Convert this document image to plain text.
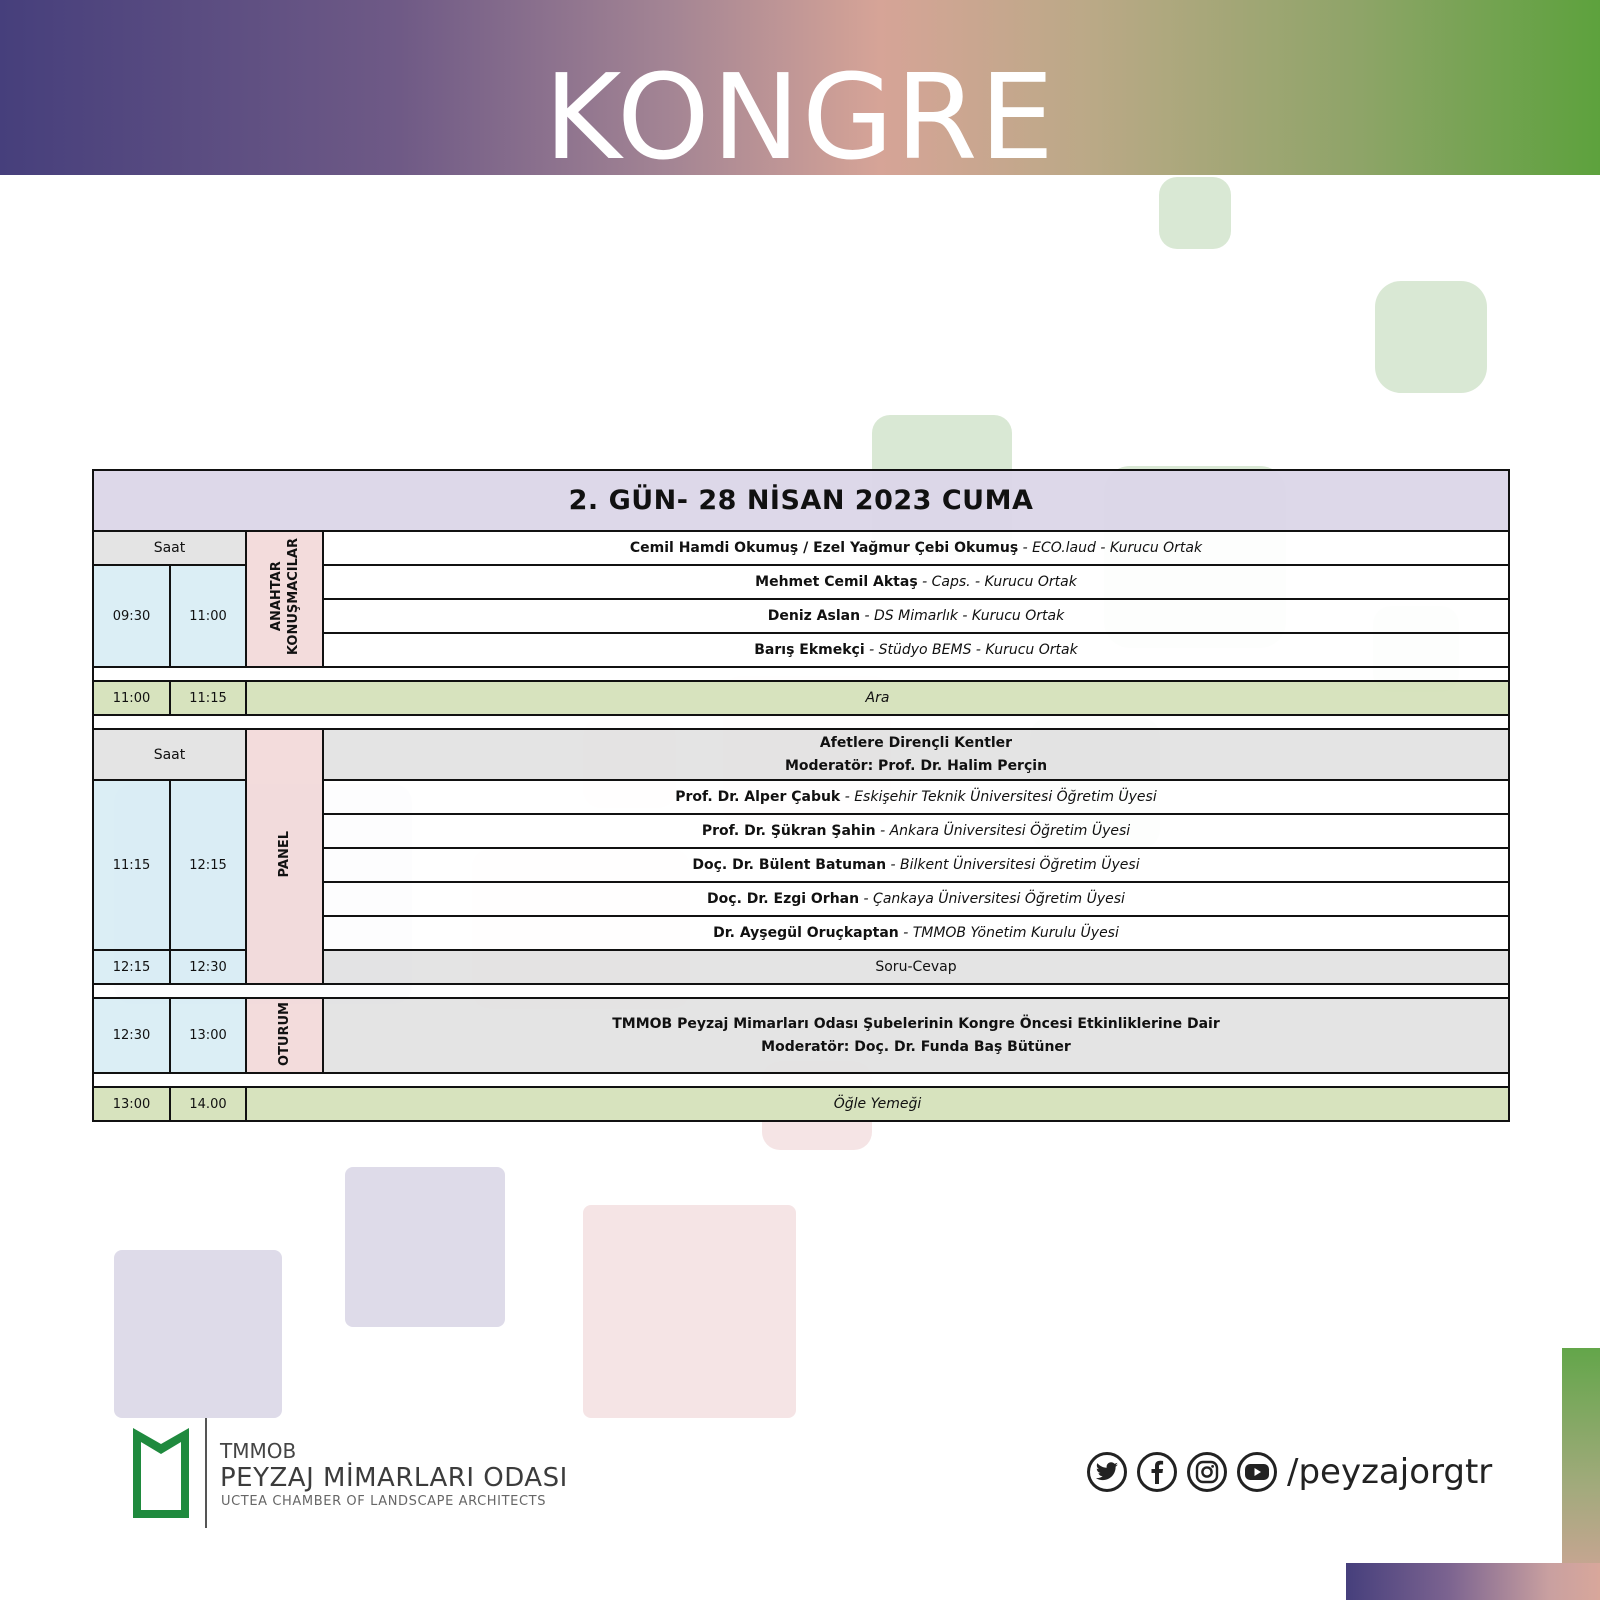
KONGRE
2. GÜN- 28 NİSAN 2023 CUMA			
Saat		ANAHTAR KONUŞMACILAR	Cemil Hamdi Okumuş / Ezel Yağmur Çebi Okumuş - ECO.laud - Kurucu Ortak
09:30	11:00		Mehmet Cemil Aktaş - Caps. - Kurucu Ortak
			Deniz Aslan - DS Mimarlık - Kurucu Ortak
			Barış Ekmekçi - Stüdyo BEMS - Kurucu Ortak

11:00	11:15	Ara	

Saat		PANEL	Afetlere Dirençli Kentler
Moderatör: Prof. Dr. Halim Perçin

11:15	12:15		Prof. Dr. Alper Çabuk - Eskişehir Teknik Üniversitesi Öğretim Üyesi
			Prof. Dr. Şükran Şahin - Ankara Üniversitesi Öğretim Üyesi
			Doç. Dr. Bülent Batuman - Bilkent Üniversitesi Öğretim Üyesi
			Doç. Dr. Ezgi Orhan - Çankaya Üniversitesi Öğretim Üyesi
			Dr. Ayşegül Oruçkaptan - TMMOB Yönetim Kurulu Üyesi
12:15	12:30		Soru-Cevap

12:30	13:00	OTURUM	TMMOB Peyzaj Mimarları Odası Şubelerinin Kongre Öncesi Etkinliklerine Dair
Moderatör: Doç. Dr. Funda Baş Bütüner

13:00	14.00	Öğle Yemeği	
TMMOB
PEYZAJ MİMARLARI ODASI
UCTEA CHAMBER OF LANDSCAPE ARCHITECTS
/peyzajorgtr
